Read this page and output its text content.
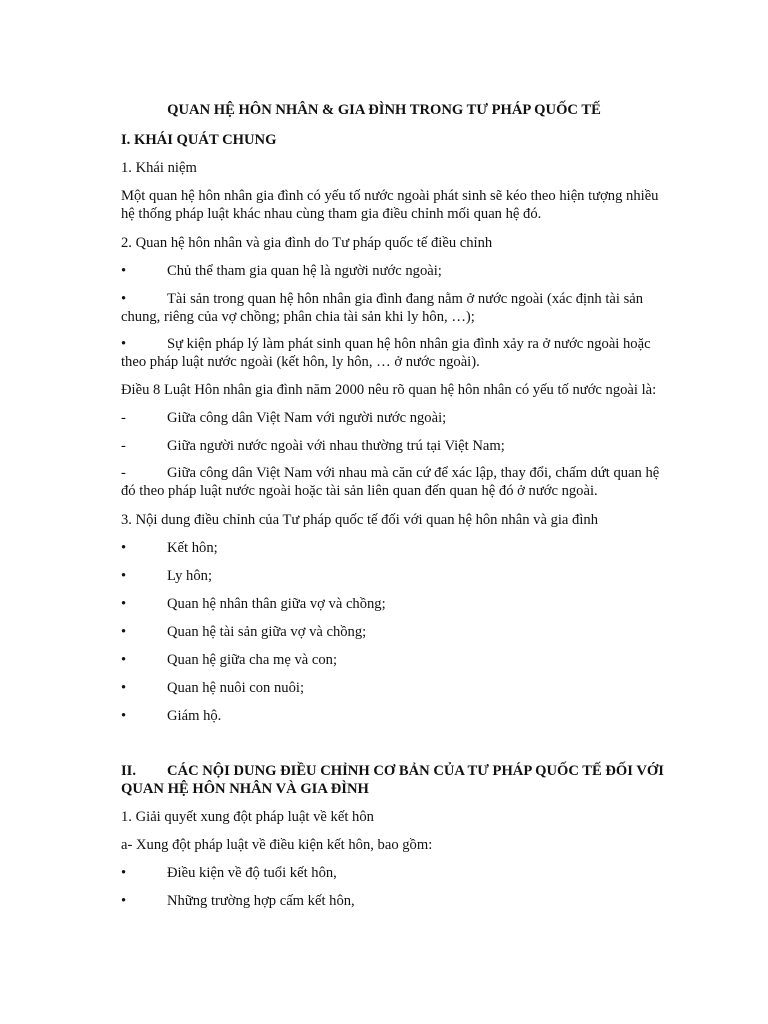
QUAN HỆ HÔN NHÂN & GIA ĐÌNH TRONG TƯ PHÁP QUỐC TẾ
I. KHÁI QUÁT CHUNG
1. Khái niệm
Một quan hệ hôn nhân gia đình có yếu tố nước ngoài phát sinh sẽ kéo theo hiện tượng nhiều
hệ thống pháp luật khác nhau cùng tham gia điều chỉnh mối quan hệ đó.
2. Quan hệ hôn nhân và gia đình do Tư pháp quốc tế điều chỉnh
•	Chủ thể tham gia quan hệ là người nước ngoài;
•	Tài sản trong quan hệ hôn nhân gia đình đang nằm ở nước ngoài (xác định tài sản
chung, riêng của vợ chồng; phân chia tài sản khi ly hôn, …);
•	Sự kiện pháp lý làm phát sinh quan hệ hôn nhân gia đình xảy ra ở nước ngoài hoặc
theo pháp luật nước ngoài (kết hôn, ly hôn, … ở nước ngoài).
Điều 8 Luật Hôn nhân gia đình năm 2000 nêu rõ quan hệ hôn nhân có yếu tố nước ngoài là:
-	Giữa công dân Việt Nam với người nước ngoài;
-	Giữa người nước ngoài với nhau thường trú tại Việt Nam;
-	Giữa công dân Việt Nam với nhau mà căn cứ để xác lập, thay đổi, chấm dứt quan hệ
đó theo pháp luật nước ngoài hoặc tài sản liên quan đến quan hệ đó ở nước ngoài.
3. Nội dung điều chỉnh của Tư pháp quốc tế đối với quan hệ hôn nhân và gia đình
•	Kết hôn;
•	Ly hôn;
•	Quan hệ nhân thân giữa vợ và chồng;
•	Quan hệ tài sản giữa vợ và chồng;
•	Quan hệ giữa cha mẹ và con;
•	Quan hệ nuôi con nuôi;
•	Giám hộ.
II. CÁC NỘI DUNG ĐIỀU CHỈNH CƠ BẢN CỦA TƯ PHÁP QUỐC TẾ ĐỐI VỚI
QUAN HỆ HÔN NHÂN VÀ GIA ĐÌNH
1. Giải quyết xung đột pháp luật về kết hôn
a- Xung đột pháp luật về điều kiện kết hôn, bao gồm:
•	Điều kiện về độ tuổi kết hôn,
•	Những trường hợp cấm kết hôn,
